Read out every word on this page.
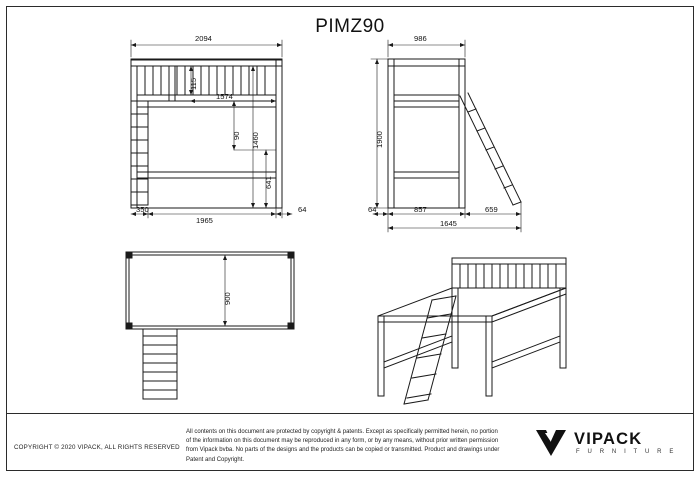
PIMZ90
2094
115
1574
1460
90
641
350
1965
64
986
1900
64	857	659
1645
900
COPYRIGHT © 2020 VIPACK, ALL RIGHTS RESERVED
All contents on this document are protected by copyright & patents. Except as specifically permitted herein, no portion of the information on this document may be reproduced in any form, or by any means, without prior written permission from Vipack bvba. No parts of the designs and the products can be copied or transmitted. Product and drawings under Patent and Copyright.
VIPACK
F U R N I T U R E
